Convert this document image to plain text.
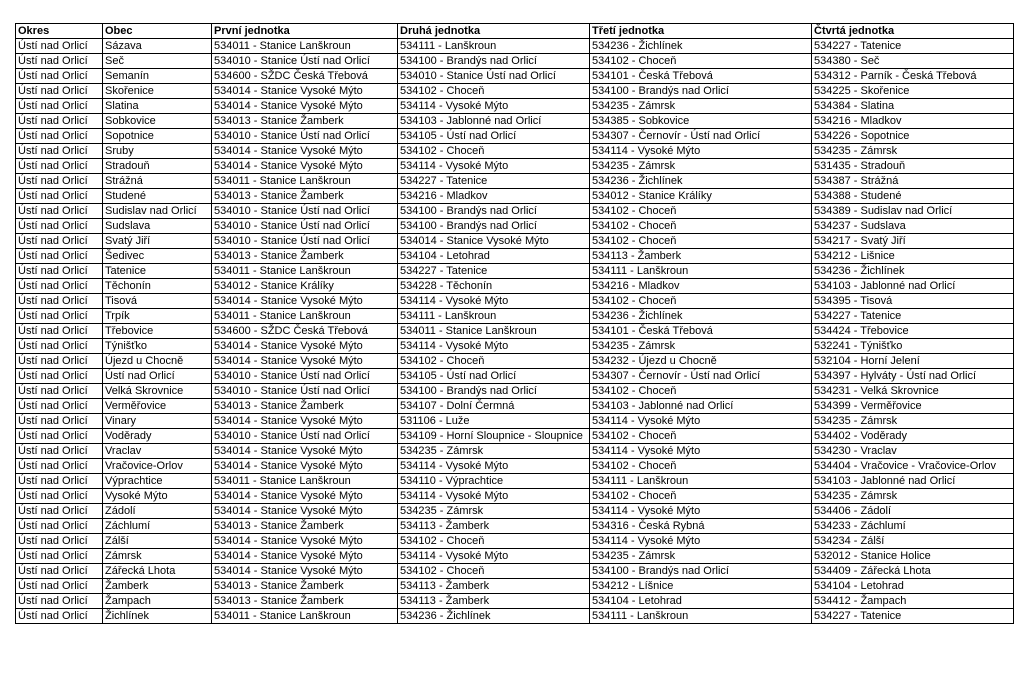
Okres	Obec	První jednotka	Druhá jednotka	Třetí jednotka	Čtvrtá jednotka
Ústí nad Orlicí	Sázava	534011 - Stanice Lanškroun	534111 - Lanškroun	534236 - Žichlínek	534227 - Tatenice
Ústí nad Orlicí	Seč	534010 - Stanice Ústí nad Orlicí	534100 - Brandýs nad Orlicí	534102 - Choceň	534380 - Seč
Ústí nad Orlicí	Semanín	534600 - SŽDC Česká Třebová	534010 - Stanice Ústí nad Orlicí	534101 - Česká Třebová	534312 - Parník - Česká Třebová
Ústí nad Orlicí	Skořenice	534014 - Stanice Vysoké Mýto	534102 - Choceň	534100 - Brandýs nad Orlicí	534225 - Skořenice
Ústí nad Orlicí	Slatina	534014 - Stanice Vysoké Mýto	534114 - Vysoké Mýto	534235 - Zámrsk	534384 - Slatina
Ústí nad Orlicí	Sobkovice	534013 - Stanice Žamberk	534103 - Jablonné nad Orlicí	534385 - Sobkovice	534216 - Mladkov
Ústí nad Orlicí	Sopotnice	534010 - Stanice Ústí nad Orlicí	534105 - Ústí nad Orlicí	534307 - Černovír - Ústí nad Orlicí	534226 - Sopotnice
Ústí nad Orlicí	Sruby	534014 - Stanice Vysoké Mýto	534102 - Choceň	534114 - Vysoké Mýto	534235 - Zámrsk
Ústí nad Orlicí	Stradouň	534014 - Stanice Vysoké Mýto	534114 - Vysoké Mýto	534235 - Zámrsk	531435 - Stradouň
Ústí nad Orlicí	Strážná	534011 - Stanice Lanškroun	534227 - Tatenice	534236 - Žichlínek	534387 - Strážná
Ústí nad Orlicí	Studené	534013 - Stanice Žamberk	534216 - Mladkov	534012 - Stanice Králíky	534388 - Studené
Ústí nad Orlicí	Sudislav nad Orlicí	534010 - Stanice Ústí nad Orlicí	534100 - Brandýs nad Orlicí	534102 - Choceň	534389 - Sudislav nad Orlicí
Ústí nad Orlicí	Sudslava	534010 - Stanice Ústí nad Orlicí	534100 - Brandýs nad Orlicí	534102 - Choceň	534237 - Sudslava
Ústí nad Orlicí	Svatý Jiří	534010 - Stanice Ústí nad Orlicí	534014 - Stanice Vysoké Mýto	534102 - Choceň	534217 - Svatý Jiří
Ústí nad Orlicí	Šedivec	534013 - Stanice Žamberk	534104 - Letohrad	534113 - Žamberk	534212 - Lišnice
Ústí nad Orlicí	Tatenice	534011 - Stanice Lanškroun	534227 - Tatenice	534111 - Lanškroun	534236 - Žichlínek
Ústí nad Orlicí	Těchonín	534012 - Stanice Králíky	534228 - Těchonín	534216 - Mladkov	534103 - Jablonné nad Orlicí
Ústí nad Orlicí	Tisová	534014 - Stanice Vysoké Mýto	534114 - Vysoké Mýto	534102 - Choceň	534395 - Tisová
Ústí nad Orlicí	Trpík	534011 - Stanice Lanškroun	534111 - Lanškroun	534236 - Žichlínek	534227 - Tatenice
Ústí nad Orlicí	Třebovice	534600 - SŽDC Česká Třebová	534011 - Stanice Lanškroun	534101 - Česká Třebová	534424 - Třebovice
Ústí nad Orlicí	Týnišťko	534014 - Stanice Vysoké Mýto	534114 - Vysoké Mýto	534235 - Zámrsk	532241 - Týnišťko
Ústí nad Orlicí	Újezd u Chocně	534014 - Stanice Vysoké Mýto	534102 - Choceň	534232 - Újezd u Chocně	532104 - Horní Jelení
Ústí nad Orlicí	Ústí nad Orlicí	534010 - Stanice Ústí nad Orlicí	534105 - Ústí nad Orlicí	534307 - Černovír - Ústí nad Orlicí	534397 - Hylváty - Ústí nad Orlicí
Ústí nad Orlicí	Velká Skrovnice	534010 - Stanice Ústí nad Orlicí	534100 - Brandýs nad Orlicí	534102 - Choceň	534231 - Velká Skrovnice
Ústí nad Orlicí	Verměřovice	534013 - Stanice Žamberk	534107 - Dolní Čermná	534103 - Jablonné nad Orlicí	534399 - Verměřovice
Ústí nad Orlicí	Vinary	534014 - Stanice Vysoké Mýto	531106 - Luže	534114 - Vysoké Mýto	534235 - Zámrsk
Ústí nad Orlicí	Voděrady	534010 - Stanice Ústí nad Orlicí	534109 - Horní Sloupnice - Sloupnice	534102 - Choceň	534402 - Voděrady
Ústí nad Orlicí	Vraclav	534014 - Stanice Vysoké Mýto	534235 - Zámrsk	534114 - Vysoké Mýto	534230 - Vraclav
Ústí nad Orlicí	Vračovice-Orlov	534014 - Stanice Vysoké Mýto	534114 - Vysoké Mýto	534102 - Choceň	534404 - Vračovice - Vračovice-Orlov
Ústí nad Orlicí	Výprachtice	534011 - Stanice Lanškroun	534110 - Výprachtice	534111 - Lanškroun	534103 - Jablonné nad Orlicí
Ústí nad Orlicí	Vysoké Mýto	534014 - Stanice Vysoké Mýto	534114 - Vysoké Mýto	534102 - Choceň	534235 - Zámrsk
Ústí nad Orlicí	Zádolí	534014 - Stanice Vysoké Mýto	534235 - Zámrsk	534114 - Vysoké Mýto	534406 - Zádolí
Ústí nad Orlicí	Záchlumí	534013 - Stanice Žamberk	534113 - Žamberk	534316 - Česká Rybná	534233 - Záchlumí
Ústí nad Orlicí	Zálší	534014 - Stanice Vysoké Mýto	534102 - Choceň	534114 - Vysoké Mýto	534234 - Zálší
Ústí nad Orlicí	Zámrsk	534014 - Stanice Vysoké Mýto	534114 - Vysoké Mýto	534235 - Zámrsk	532012 - Stanice Holice
Ústí nad Orlicí	Zářecká Lhota	534014 - Stanice Vysoké Mýto	534102 - Choceň	534100 - Brandýs nad Orlicí	534409 - Zářecká Lhota
Ústí nad Orlicí	Žamberk	534013 - Stanice Žamberk	534113 - Žamberk	534212 - Líšnice	534104 - Letohrad
Ústí nad Orlicí	Žampach	534013 - Stanice Žamberk	534113 - Žamberk	534104 - Letohrad	534412 - Žampach
Ústí nad Orlicí	Žichlínek	534011 - Stanice Lanškroun	534236 - Žichlínek	534111 - Lanškroun	534227 - Tatenice
